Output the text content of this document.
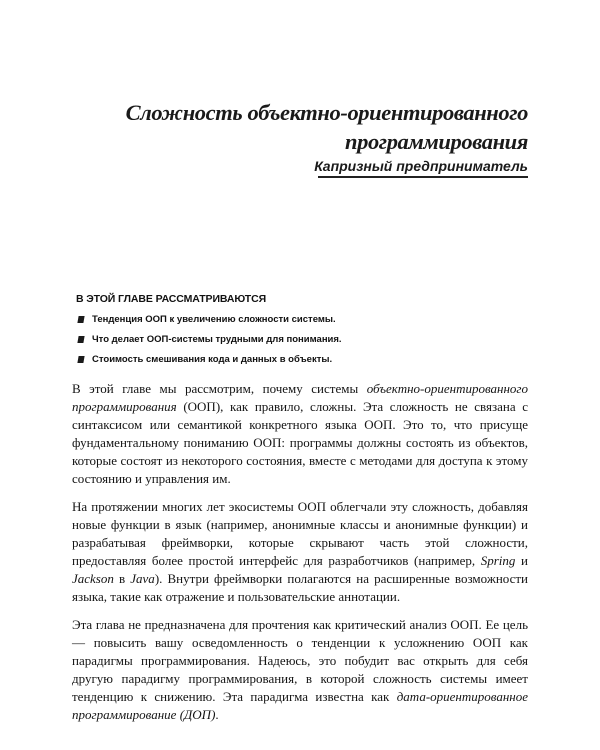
Сложность объектно-ориентированного
программирования
Капризный предприниматель
В ЭТОЙ ГЛАВЕ РАССМАТРИВАЮТСЯ
Тенденция ООП к увеличению сложности системы.
Что делает ООП-системы трудными для понимания.
Стоимость смешивания кода и данных в объекты.

В этой главе мы рассмотрим, почему системы объектно-ориентированного программирования (ООП), как правило, сложны. Эта сложность не связана с синтаксисом или семантикой конкретного языка ООП. Это то, что присуще фундаментальному пониманию ООП: программы должны состоять из объектов, которые состоят из некоторого состояния, вместе с методами для доступа к этому состоянию и управления им.

На протяжении многих лет экосистемы ООП облегчали эту сложность, добавляя новые функции в язык (например, анонимные классы и анонимные функции) и разрабатывая фреймворки, которые скрывают часть этой сложности, предоставляя более простой интерфейс для разработчиков (например, Spring и Jackson в Java). Внутри фреймворки полагаются на расширенные возможности языка, такие как отражение и пользовательские аннотации.

Эта глава не предназначена для прочтения как критический анализ ООП. Ее цель — повысить вашу осведомленность о тенденции к усложнению ООП как парадигмы программирования. Надеюсь, это побудит вас открыть для себя другую парадигму программирования, в которой сложность системы имеет тенденцию к снижению. Эта парадигма известна как дата-ориентированное программирование (ДОП).
